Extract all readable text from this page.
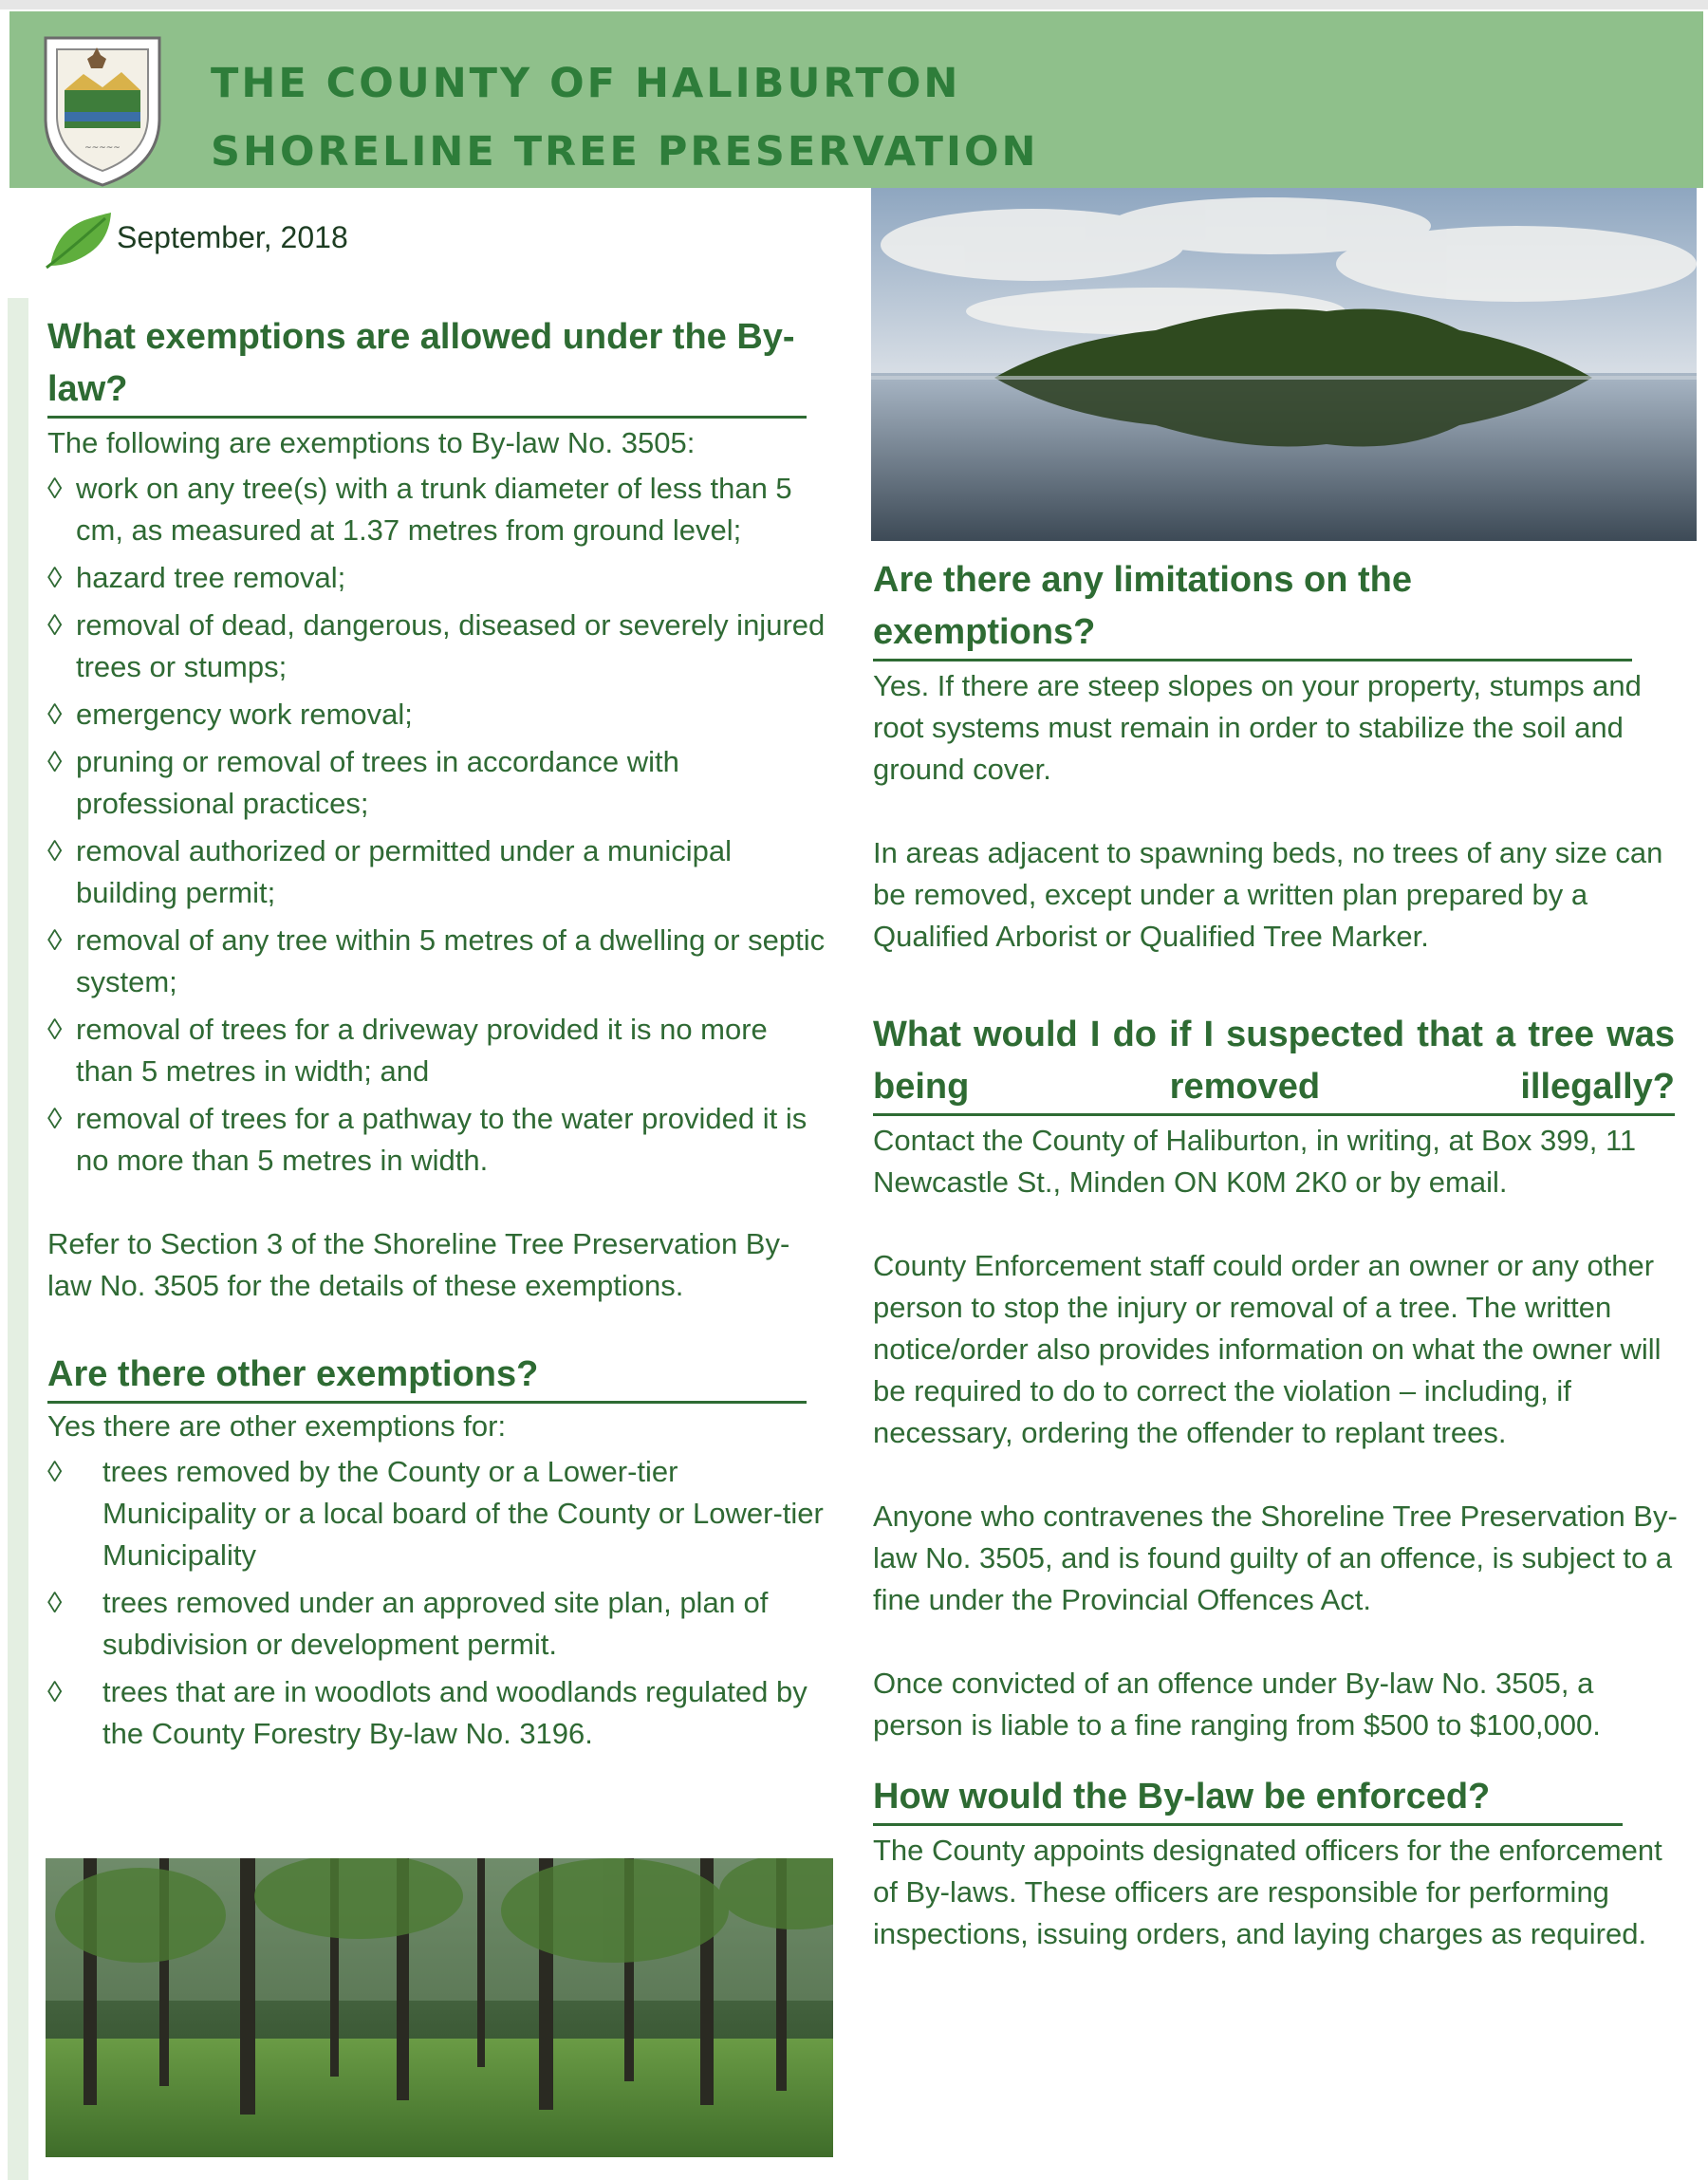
~~~~~
THE COUNTY OF HALIBURTON
SHORELINE TREE PRESERVATION
September, 2018
What exemptions are allowed under the By-law?

The following are exemptions to By-law No. 3505:

◊ work on any tree(s) with a trunk diameter of less than 5 cm, as measured at 1.37 metres from ground level;
◊ hazard tree removal;
◊ removal of dead, dangerous, diseased or severely injured trees or stumps;
◊ emergency work removal;
◊ pruning or removal of trees in accordance with professional practices;
◊ removal authorized or permitted under a municipal building permit;
◊ removal of any tree within 5 metres of a dwelling or septic system;
◊ removal of trees for a driveway provided it is no more than 5 metres in width; and
◊ removal of trees for a pathway to the water provided it is no more than 5 metres in width.

Refer to Section 3 of the Shoreline Tree Preservation By-law No. 3505 for the details of these exemptions.

Are there other exemptions?

Yes there are other exemptions for:

◊ trees removed by the County or a Lower-tier Municipality or a local board of the County or Lower-tier Municipality
◊ trees removed under an approved site plan, plan of subdivision or development permit.
◊ trees that are in woodlots and woodlands regulated by the County Forestry By-law No. 3196.
Are there any limitations on the exemptions?

Yes. If there are steep slopes on your property, stumps and root systems must remain in order to stabilize the soil and ground cover.

In areas adjacent to spawning beds, no trees of any size can be removed, except under a written plan prepared by a Qualified Arborist or Qualified Tree Marker.

What would I do if I suspected that a tree was being removed illegally?

Contact the County of Haliburton, in writing, at Box 399, 11 Newcastle St., Minden ON K0M 2K0 or by email.

County Enforcement staff could order an owner or any other person to stop the injury or removal of a tree. The written notice/order also provides information on what the owner will be required to do to correct the violation – including, if necessary, ordering the offender to replant trees.

Anyone who contravenes the Shoreline Tree Preservation By-law No. 3505, and is found guilty of an offence, is subject to a fine under the Provincial Offences Act.

Once convicted of an offence under By-law No. 3505, a person is liable to a fine ranging from $500 to $100,000.

How would the By-law be enforced?

The County appoints designated officers for the enforcement of By-laws. These officers are responsible for performing inspections, issuing orders, and laying charges as required.
